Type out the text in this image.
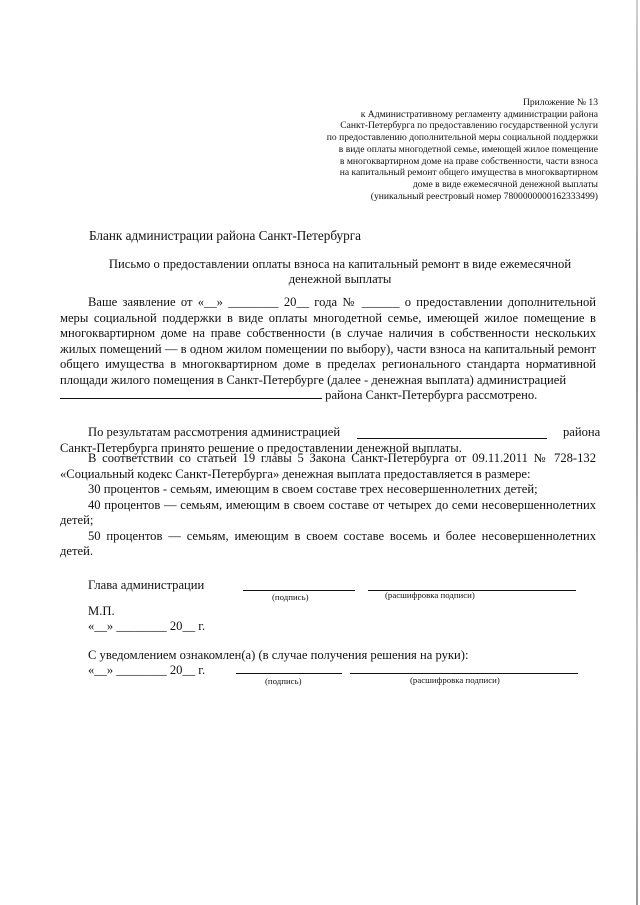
Приложение № 13
к Административному регламенту администрации района
Санкт-Петербурга по предоставлению государственной услуги
по предоставлению дополнительной меры социальной поддержки
в виде оплаты многодетной семье, имеющей жилое помещение
в многоквартирном доме на праве собственности, части взноса
на капитальный ремонт общего имущества в многоквартирном
доме в виде ежемесячной денежной выплаты
(уникальный реестровый номер 7800000000162333499)
Бланк администрации района Санкт-Петербурга
Письмо о предоставлении оплаты взноса на капитальный ремонт в виде ежемесячной
денежной выплаты

Ваше заявление от «__» ________ 20__ года № ______ о предоставлении дополнительной меры социальной поддержки в виде оплаты многодетной семье, имеющей жилое помещение в многоквартирном доме на праве собственности (в случае наличия в собственности нескольких жилых помещений — в одном жилом помещении по выбору), части взноса на капитальный ремонт общего имущества в многоквартирном доме в пределах регионального стандарта нормативной площади жилого помещения в Санкт-Петербурге (далее - денежная выплата) администрацией

района Санкт-Петербурга рассмотрено.

По результатам рассмотрения администрацией	района
Санкт-Петербурга принято решение о предоставлении денежной выплаты.

В соответствии со статьей 19 главы 5 Закона Санкт-Петербурга от 09.11.2011 № 728-132 «Социальный кодекс Санкт-Петербурга» денежная выплата предоставляется в размере:

30 процентов - семьям, имеющим в своем составе трех несовершеннолетних детей;

40 процентов — семьям, имеющим в своем составе от четырех до семи несовершеннолетних детей;

50 процентов — семьям, имеющим в своем составе восемь и более несовершеннолетних детей.

Глава администрации
(подпись)	(расшифровка подписи)
М.П.
«__» ________ 20__ г.
С уведомлением ознакомлен(а) (в случае получения решения на руки):
«__» ________ 20__ г.
(подпись)	(расшифровка подписи)
